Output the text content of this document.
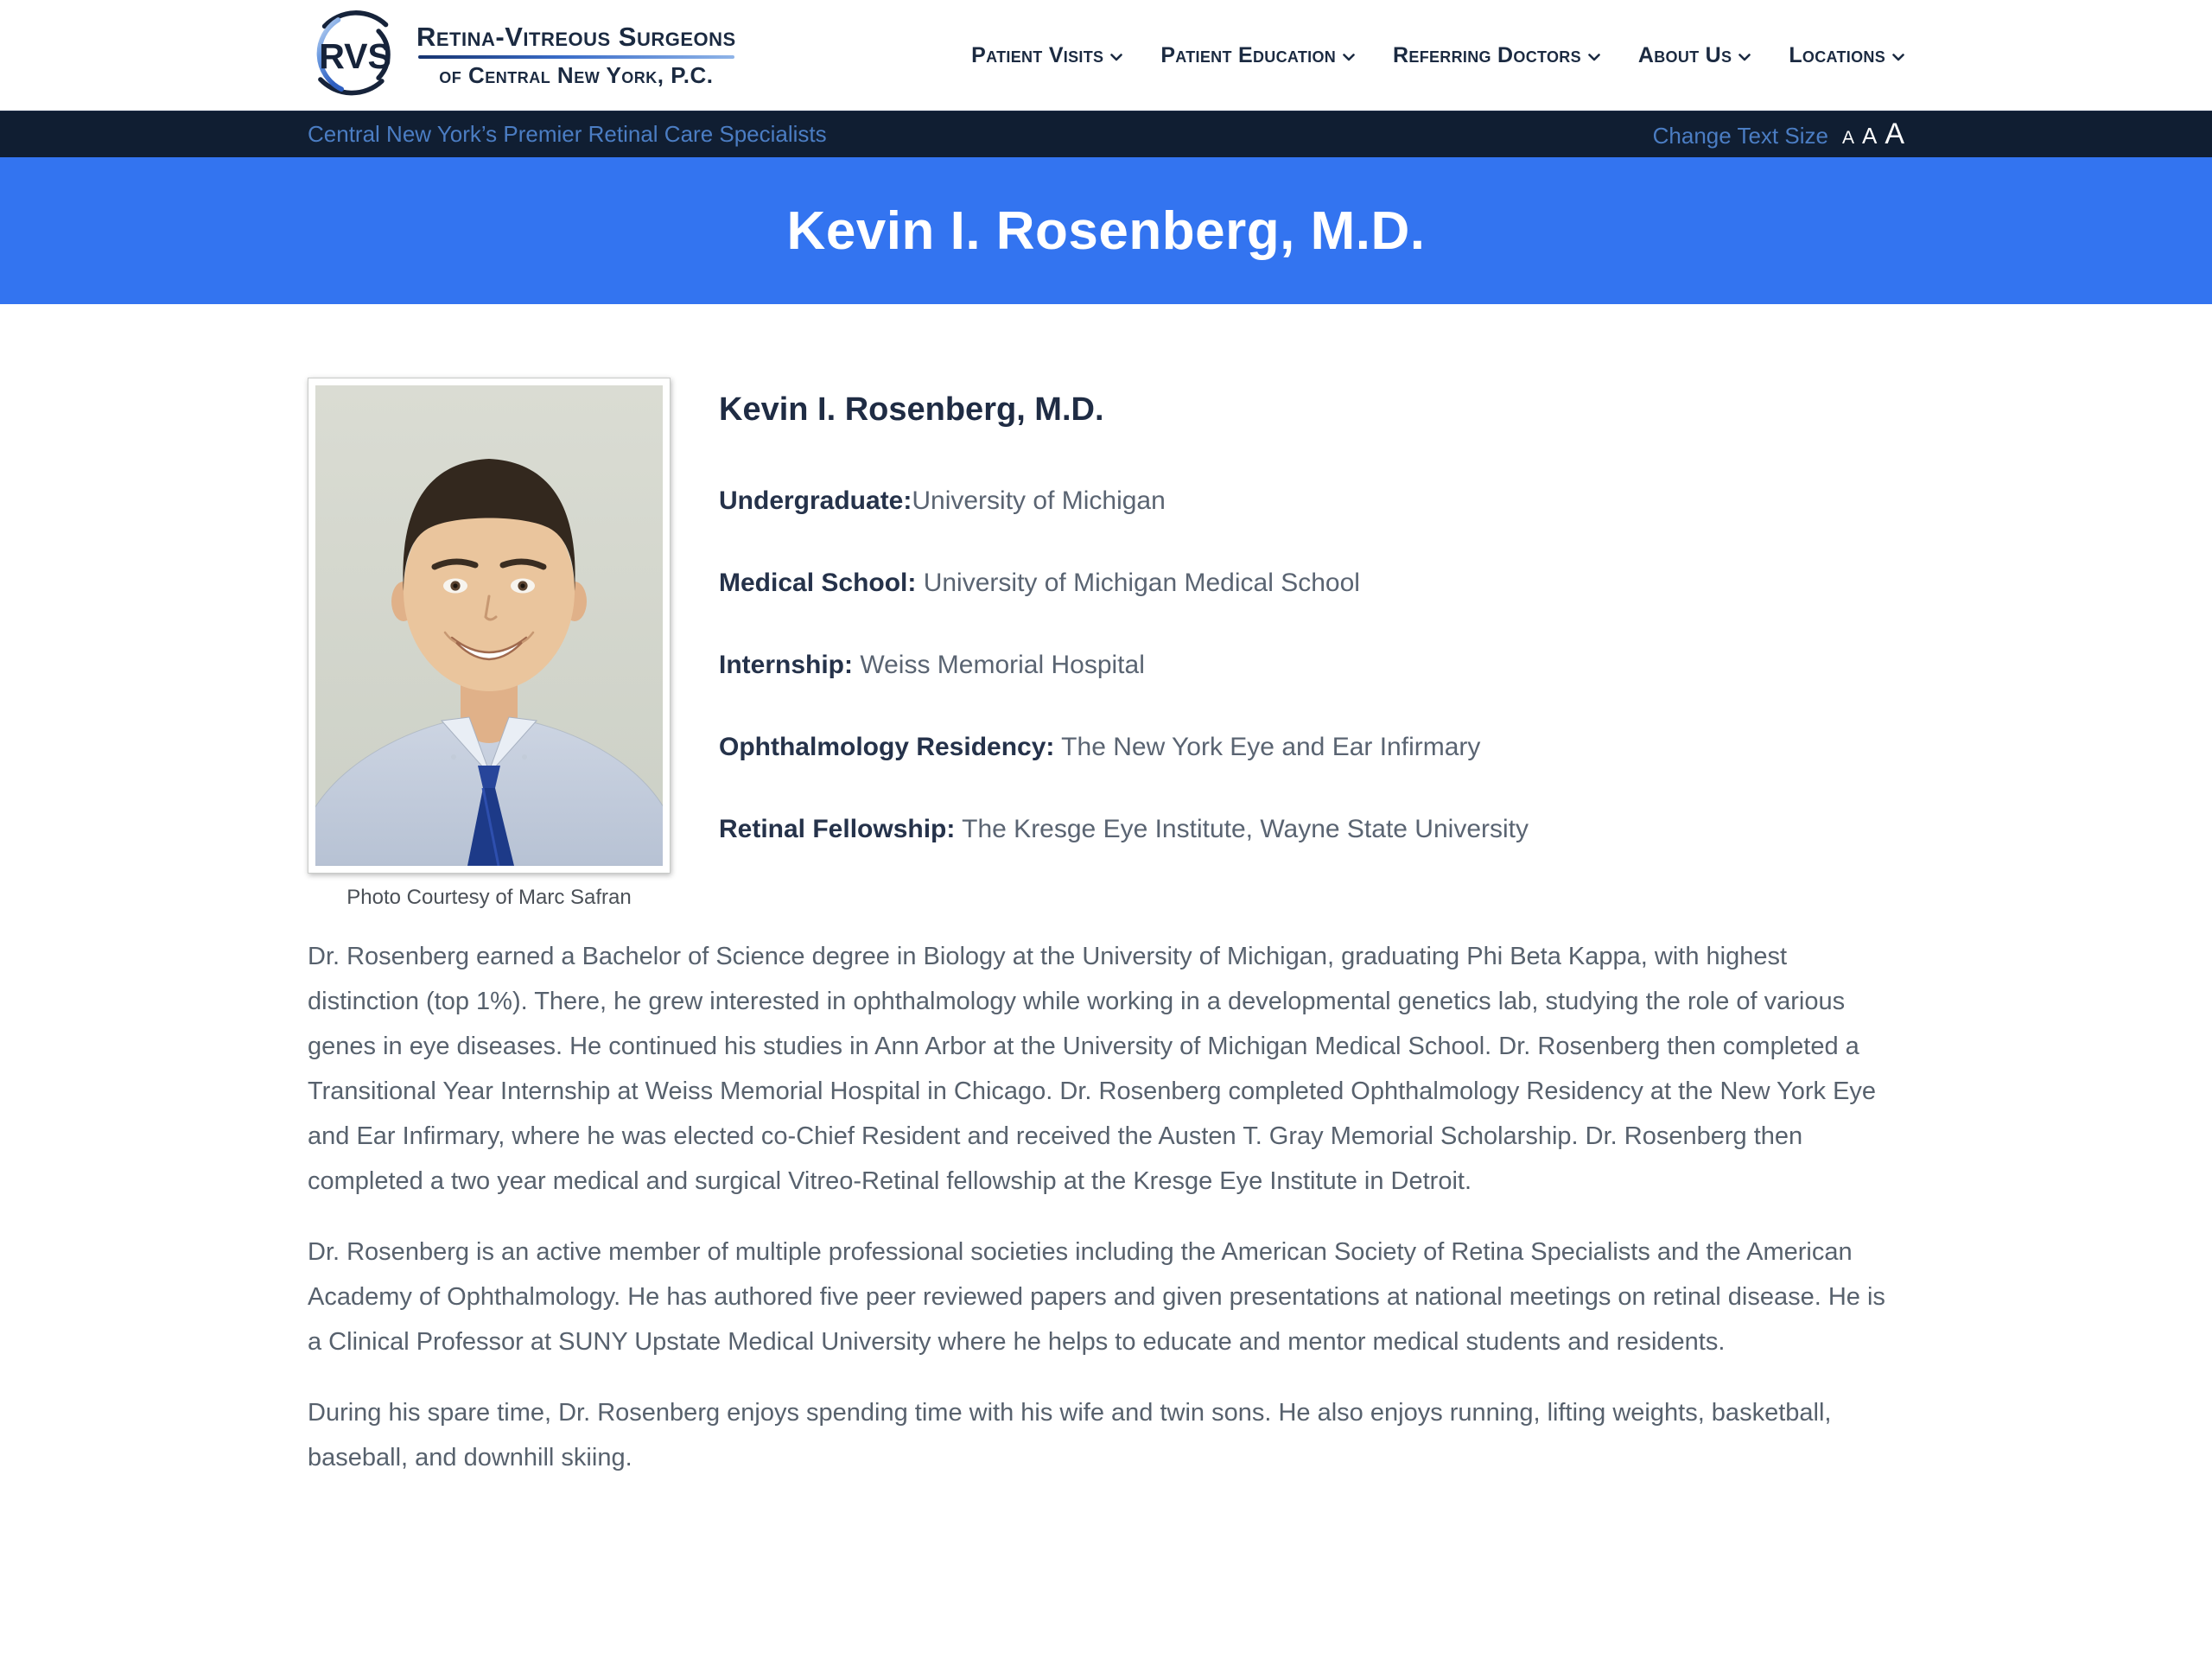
RVS Retina-Vitreous Surgeons
of Central New York, P.C.
Patient Visits	Patient Education	Referring Doctors	About Us	Locations
Central New York’s Premier Retinal Care Specialists	Change Text Size A A A
Kevin I. Rosenberg, M.D.
Photo Courtesy of Marc Safran
Kevin I. Rosenberg, M.D.

Undergraduate:University of Michigan

Medical School: University of Michigan Medical School

Internship: Weiss Memorial Hospital

Ophthalmology Residency: The New York Eye and Ear Infirmary

Retinal Fellowship: The Kresge Eye Institute, Wayne State University

Dr. Rosenberg earned a Bachelor of Science degree in Biology at the University of Michigan, graduating Phi Beta Kappa, with highest distinction (top 1%). There, he grew interested in ophthalmology while working in a developmental genetics lab, studying the role of various genes in eye diseases. He continued his studies in Ann Arbor at the University of Michigan Medical School. Dr. Rosenberg then completed a Transitional Year Internship at Weiss Memorial Hospital in Chicago. Dr. Rosenberg completed Ophthalmology Residency at the New York Eye and Ear Infirmary, where he was elected co-Chief Resident and received the Austen T. Gray Memorial Scholarship. Dr. Rosenberg then completed a two year medical and surgical Vitreo-Retinal fellowship at the Kresge Eye Institute in Detroit.

Dr. Rosenberg is an active member of multiple professional societies including the American Society of Retina Specialists and the American Academy of Ophthalmology. He has authored five peer reviewed papers and given presentations at national meetings on retinal disease. He is a Clinical Professor at SUNY Upstate Medical University where he helps to educate and mentor medical students and residents.

During his spare time, Dr. Rosenberg enjoys spending time with his wife and twin sons. He also enjoys running, lifting weights, basketball, baseball, and downhill skiing.
